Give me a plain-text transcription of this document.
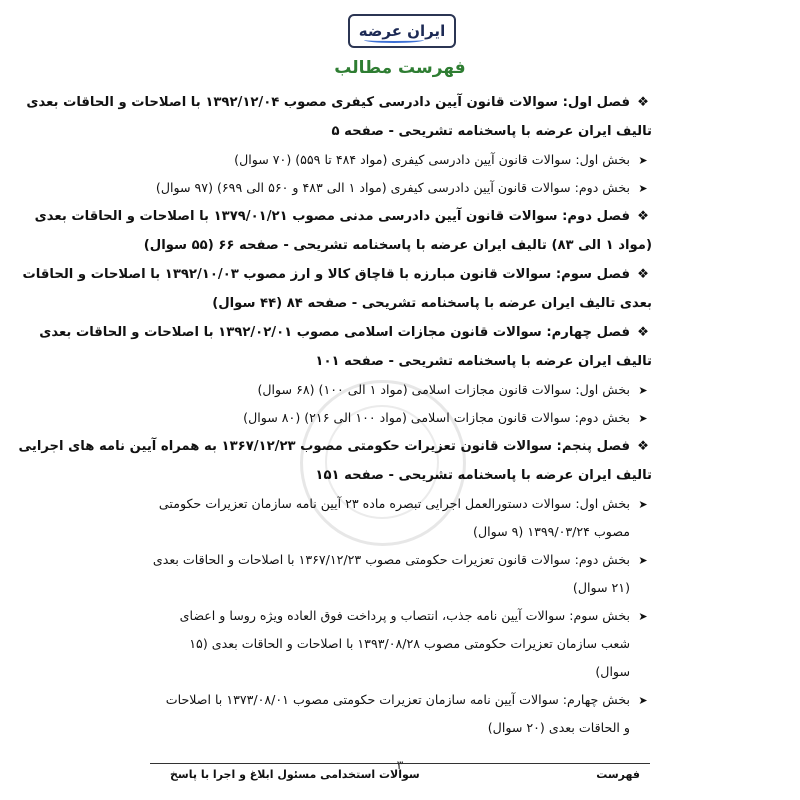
ایران عرضه
فهرست مطالب
❖فصل اول: سوالات قانون آیین دادرسی کیفری مصوب ۱۳۹۲/۱۲/۰۴ با اصلاحات و الحاقات بعدی
تالیف ایران عرضه با پاسخنامه تشریحی - صفحه ۵
➤بخش اول: سوالات قانون آیین دادرسی کیفری (مواد ۴۸۴ تا ۵۵۹) (۷۰ سوال)
➤بخش دوم: سوالات قانون آیین دادرسی کیفری (مواد ۱ الی ۴۸۳ و ۵۶۰ الی ۶۹۹) (۹۷ سوال)
❖فصل دوم: سوالات قانون آیین دادرسی مدنی مصوب ۱۳۷۹/۰۱/۲۱ با اصلاحات و الحاقات بعدی
(مواد ۱ الی ۸۳) تالیف ایران عرضه با پاسخنامه تشریحی - صفحه ۶۶ (۵۵ سوال)
❖فصل سوم: سوالات قانون مبارزه با قاچاق کالا و ارز مصوب ۱۳۹۲/۱۰/۰۳ با اصلاحات و الحاقات
بعدی تالیف ایران عرضه با پاسخنامه تشریحی - صفحه ۸۴ (۴۴ سوال)
❖فصل چهارم: سوالات قانون مجازات اسلامی مصوب ۱۳۹۲/۰۲/۰۱ با اصلاحات و الحاقات بعدی
تالیف ایران عرضه با پاسخنامه تشریحی - صفحه ۱۰۱
➤بخش اول: سوالات قانون مجازات اسلامی (مواد ۱ الی ۱۰۰) (۶۸ سوال)
➤بخش دوم: سوالات قانون مجازات اسلامی (مواد ۱۰۰ الی ۲۱۶) (۸۰ سوال)
❖فصل پنجم: سوالات قانون تعزیرات حکومتی مصوب ۱۳۶۷/۱۲/۲۳ به همراه آیین نامه های اجرایی
تالیف ایران عرضه با پاسخنامه تشریحی - صفحه ۱۵۱
➤بخش اول: سوالات دستورالعمل اجرایی تبصره ماده ۲۳ آیین نامه سازمان تعزیرات حکومتی
مصوب ۱۳۹۹/۰۳/۲۴ (۹ سوال)
➤بخش دوم: سوالات قانون تعزیرات حکومتی مصوب ۱۳۶۷/۱۲/۲۳ با اصلاحات و الحاقات بعدی
(۲۱ سوال)
➤بخش سوم: سوالات آیین نامه جذب، انتصاب و پرداخت فوق العاده ویژه روسا و اعضای
شعب سازمان تعزیرات حکومتی مصوب ۱۳۹۳/۰۸/۲۸ با اصلاحات و الحاقات بعدی (۱۵
سوال)
➤بخش چهارم: سوالات آیین نامه سازمان تعزیرات حکومتی مصوب ۱۳۷۳/۰۸/۰۱ با اصلاحات
و الحاقات بعدی (۲۰ سوال)
۳
فهرست
سوالات استخدامی مسئول ابلاغ و اجرا با پاسخ
